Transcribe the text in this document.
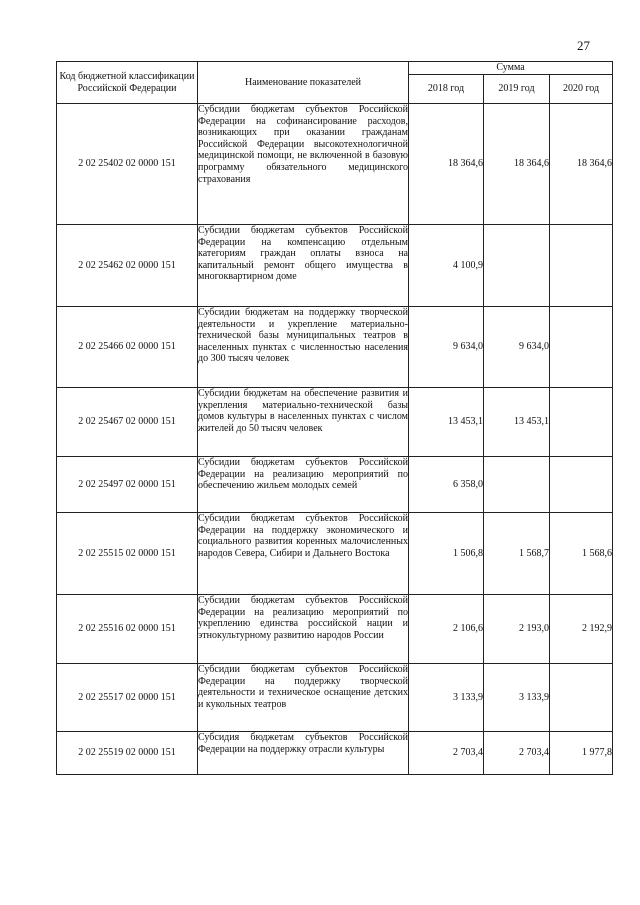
27
Код бюджетной классификации Российской Федерации	Наименование показателей	Сумма		
		2018 год	2019 год	2020 год
2 02 25402 02 0000 151	Субсидии бюджетам субъектов Российской Федерации на софинансирование расходов, возникающих при оказании гражданам Российской Федерации высокотехнологичной медицинской помощи, не включенной в базовую программу обязательного медицинского страхования	18 364,6	18 364,6	18 364,6
2 02 25462 02 0000 151	Субсидии бюджетам субъектов Российской Федерации на компенсацию отдельным категориям граждан оплаты взноса на капитальный ремонт общего имущества в многоквартирном доме	4 100,9		
2 02 25466 02 0000 151	Субсидии бюджетам на поддержку творческой деятельности и укрепление материально-технической базы муниципальных театров в населенных пунктах с численностью населения до 300 тысяч человек	9 634,0	9 634,0	
2 02 25467 02 0000 151	Субсидии бюджетам на обеспечение развития и укрепления материально-технической базы домов культуры в населенных пунктах с числом жителей до 50 тысяч человек	13 453,1	13 453,1	
2 02 25497 02 0000 151	Субсидии бюджетам субъектов Российской Федерации на реализацию мероприятий по обеспечению жильем молодых семей	6 358,0		
2 02 25515 02 0000 151	Субсидии бюджетам субъектов Российской Федерации на поддержку экономического и социального развития коренных малочисленных народов Севера, Сибири и Дальнего Востока	1 506,8	1 568,7	1 568,6
2 02 25516 02 0000 151	Субсидии бюджетам субъектов Российской Федерации на реализацию мероприятий по укреплению единства российской нации и этнокультурному развитию народов России	2 106,6	2 193,0	2 192,9
2 02 25517 02 0000 151	Субсидии бюджетам субъектов Российской Федерации на поддержку творческой деятельности и техническое оснащение детских и кукольных театров	3 133,9	3 133,9	
2 02 25519 02 0000 151	Субсидия бюджетам субъектов Российской Федерации на поддержку отрасли культуры	2 703,4	2 703,4	1 977,8
